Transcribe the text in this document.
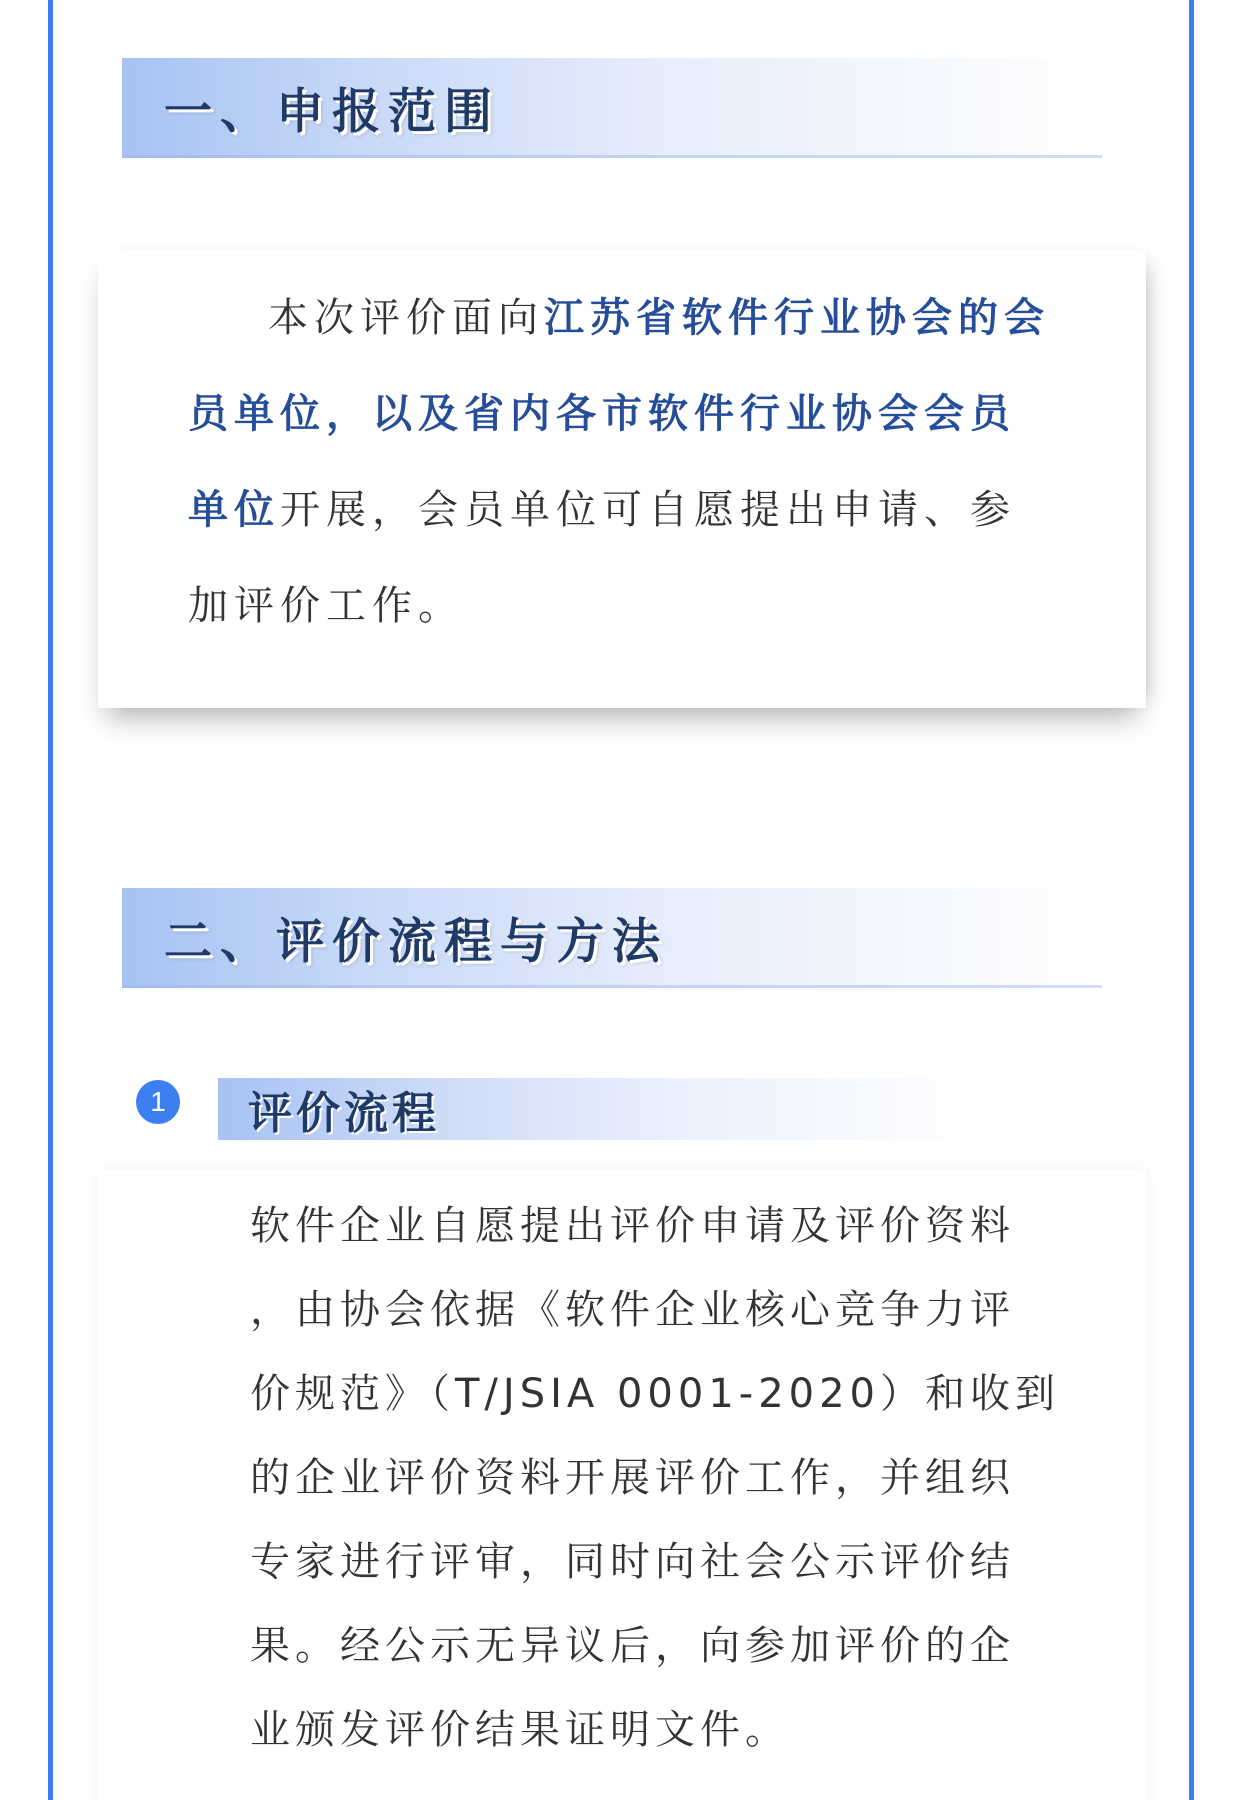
一、申报范围
本次评价面向江苏省软件行业协会的会员单位，以及省内各市软件行业协会会员单位开展，会员单位可自愿提出申请、参加评价工作。
二、评价流程与方法
1	评价流程
软件企业自愿提出评价申请及评价资料
，由协会依据《软件企业核心竞争力评
价规范》（T/JSIA 0001-2020）和收到
的企业评价资料开展评价工作，并组织
专家进行评审，同时向社会公示评价结
果。经公示无异议后，向参加评价的企
业颁发评价结果证明文件。
